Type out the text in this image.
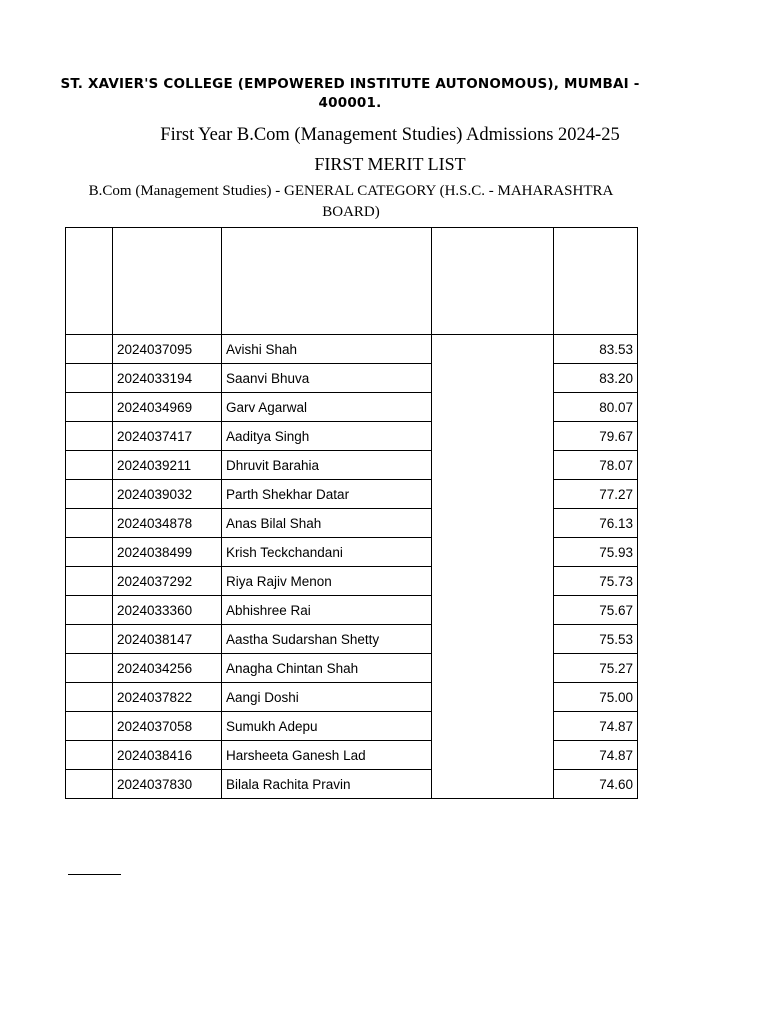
ST. XAVIER'S COLLEGE (EMPOWERED INSTITUTE AUTONOMOUS), MUMBAI - 400001.
First Year B.Com (Management Studies) Admissions 2024-25
FIRST MERIT LIST
B.Com (Management Studies) - GENERAL CATEGORY (H.S.C. - MAHARASHTRA BOARD)

	2024037095	Avishi Shah		83.53
	2024033194	Saanvi Bhuva		83.20
	2024034969	Garv Agarwal		80.07
	2024037417	Aaditya Singh		79.67
	2024039211	Dhruvit Barahia		78.07
	2024039032	Parth Shekhar Datar		77.27
	2024034878	Anas Bilal Shah		76.13
	2024038499	Krish Teckchandani		75.93
	2024037292	Riya Rajiv Menon		75.73
	2024033360	Abhishree Rai		75.67
	2024038147	Aastha Sudarshan Shetty		75.53
	2024034256	Anagha Chintan Shah		75.27
	2024037822	Aangi Doshi		75.00
	2024037058	Sumukh Adepu		74.87
	2024038416	Harsheeta Ganesh Lad		74.87
	2024037830	Bilala Rachita Pravin		74.60
